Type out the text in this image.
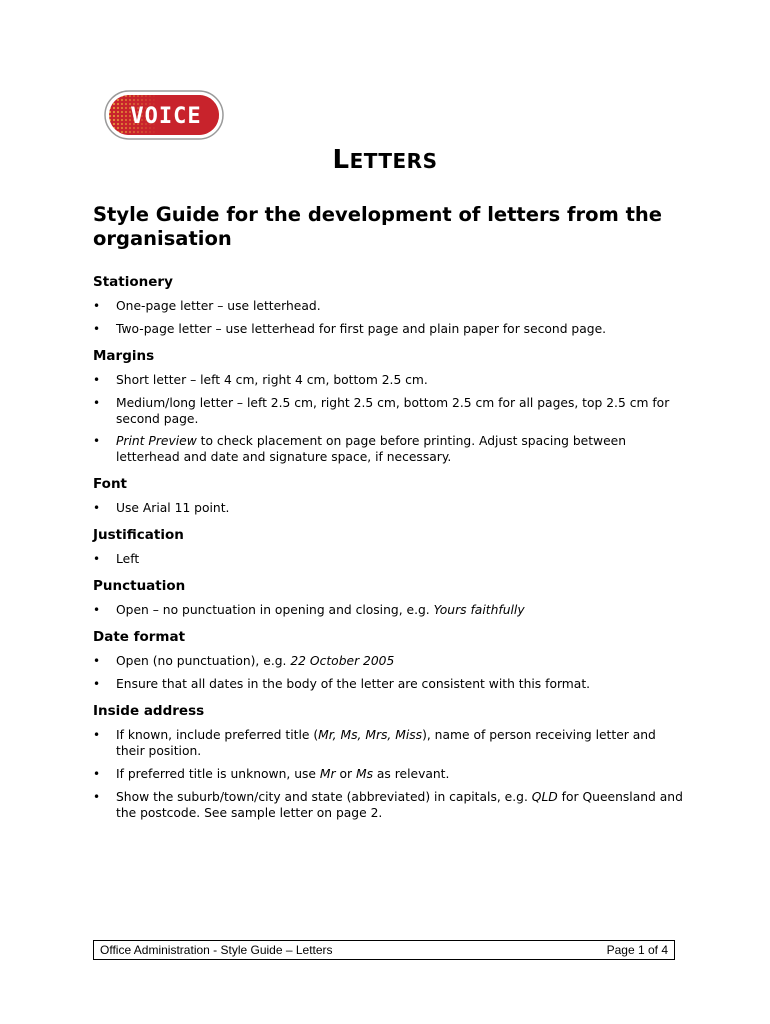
VOICE
LETTERS
Style Guide for the development of letters from the organisation
Stationery
• One-page letter – use letterhead.
• Two-page letter – use letterhead for first page and plain paper for second page.
Margins
• Short letter – left 4 cm, right 4 cm, bottom 2.5 cm.
• Medium/long letter – left 2.5 cm, right 2.5 cm, bottom 2.5 cm for all pages, top 2.5 cm for second page.
• Print Preview to check placement on page before printing. Adjust spacing between letterhead and date and signature space, if necessary.
Font
• Use Arial 11 point.
Justification
• Left
Punctuation
• Open – no punctuation in opening and closing, e.g. Yours faithfully
Date format
• Open (no punctuation), e.g. 22 October 2005
• Ensure that all dates in the body of the letter are consistent with this format.
Inside address
• If known, include preferred title (Mr, Ms, Mrs, Miss), name of person receiving letter and their position.
• If preferred title is unknown, use Mr or Ms as relevant.
• Show the suburb/town/city and state (abbreviated) in capitals, e.g. QLD for Queensland and the postcode. See sample letter on page 2.
Office Administration - Style Guide – Letters	Page 1 of 4
